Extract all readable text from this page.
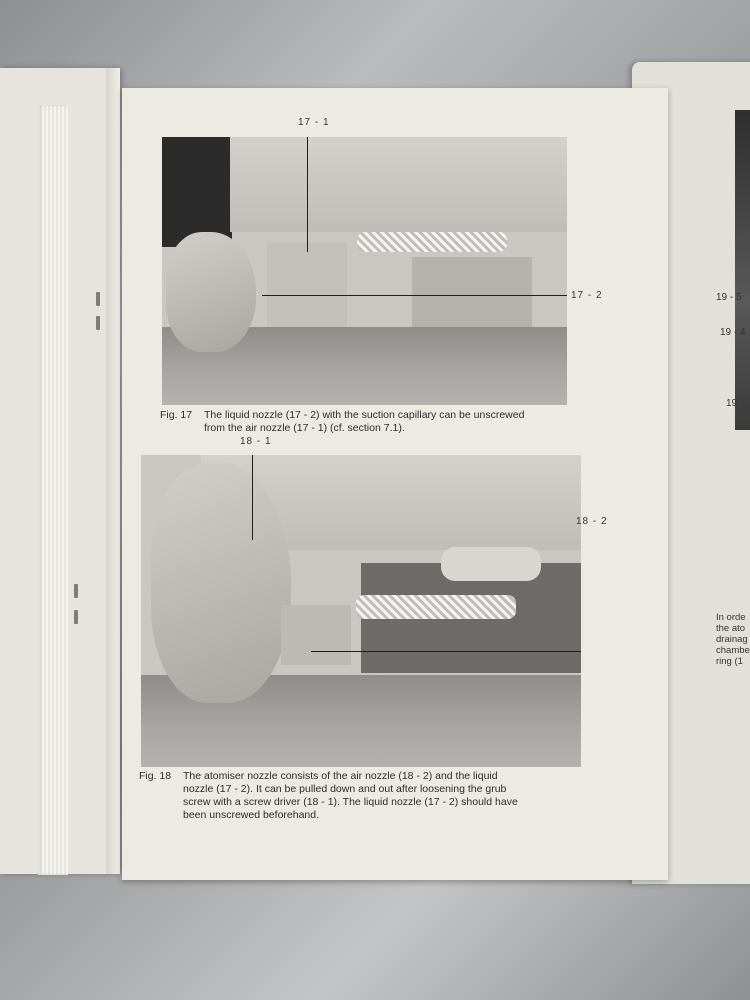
19 - 5
19 - 4
19 -
In orde
the ato
drainag
chambe
ring (1
17 - 1
17 - 2
Fig. 17 The liquid nozzle (17 - 2) with the suction capillary can be unscrewed
from the air nozzle (17 - 1) (cf. section 7.1).
18 - 1
18 - 2
Fig. 18 The atomiser nozzle consists of the air nozzle (18 - 2) and the liquid
nozzle (17 - 2). It can be pulled down and out after loosening the grub
screw with a screw driver (18 - 1). The liquid nozzle (17 - 2) should have
been unscrewed beforehand.
